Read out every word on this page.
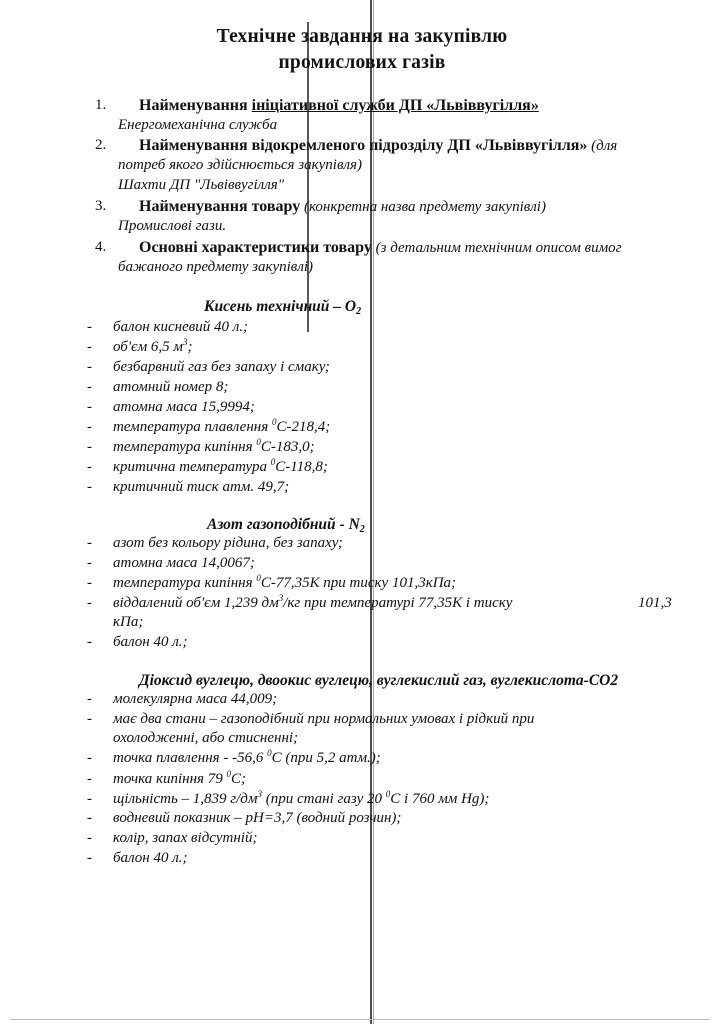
Технічне завдання на закупівлю
промислових газів
1. Найменування ініціативної служби ДП «Львіввугілля»
Енергомеханічна служба
2. Найменування відокремленого підрозділу ДП «Львіввугілля» (для
потреб якого здійснюється закупівля)
Шахти ДП "Львіввугілля"
3. Найменування товару (конкретна назва предмету закупівлі)
Промислові гази.
4. Основні характеристики товару (з детальним технічним описом вимог
бажаного предмету закупівлі)
Кисень технічний – $О_2$
- балон кисневий 40 л.;
- об'єм 6,5 $м^3$;
- безбарвний газ без запаху і смаку;
- атомний номер 8;
- атомна маса 15,9994;
- температура плавлення $^0$С-218,4;
- температура кипіння $^0$С-183,0;
- критична температура $^0$С-118,8;
- критичний тиск атм. 49,7;
Азот газоподібний - $N_2$
- азот без кольору рідина, без запаху;
- атомна маса 14,0067;
- температура кипіння $^0$С-77,35К при тиску 101,3кПа;
- віддалений об'єм 1,239 $дм^3/кг$ при температурі 77,35К і тиску	101,3
кПа;
- балон 40 л.;
Діоксид вуглецю, двоокис вуглецю, вуглекислий газ, вуглекислота-СО2
- молекулярна маса 44,009;
- має два стани – газоподібний при нормальних умовах і рідкий при
охолодженні, або стисненні;
- точка плавлення - -56,6 $^0$С (при 5,2 атм.);
- точка кипіння 79 $^0$С;
- щільність – 1,839 $г/дм^3$ (при стані газу 20 $^0$С і 760 мм Hg);
- водневий показник – рН=3,7 (водний розчин);
- колір, запах відсутній;
- балон 40 л.;
